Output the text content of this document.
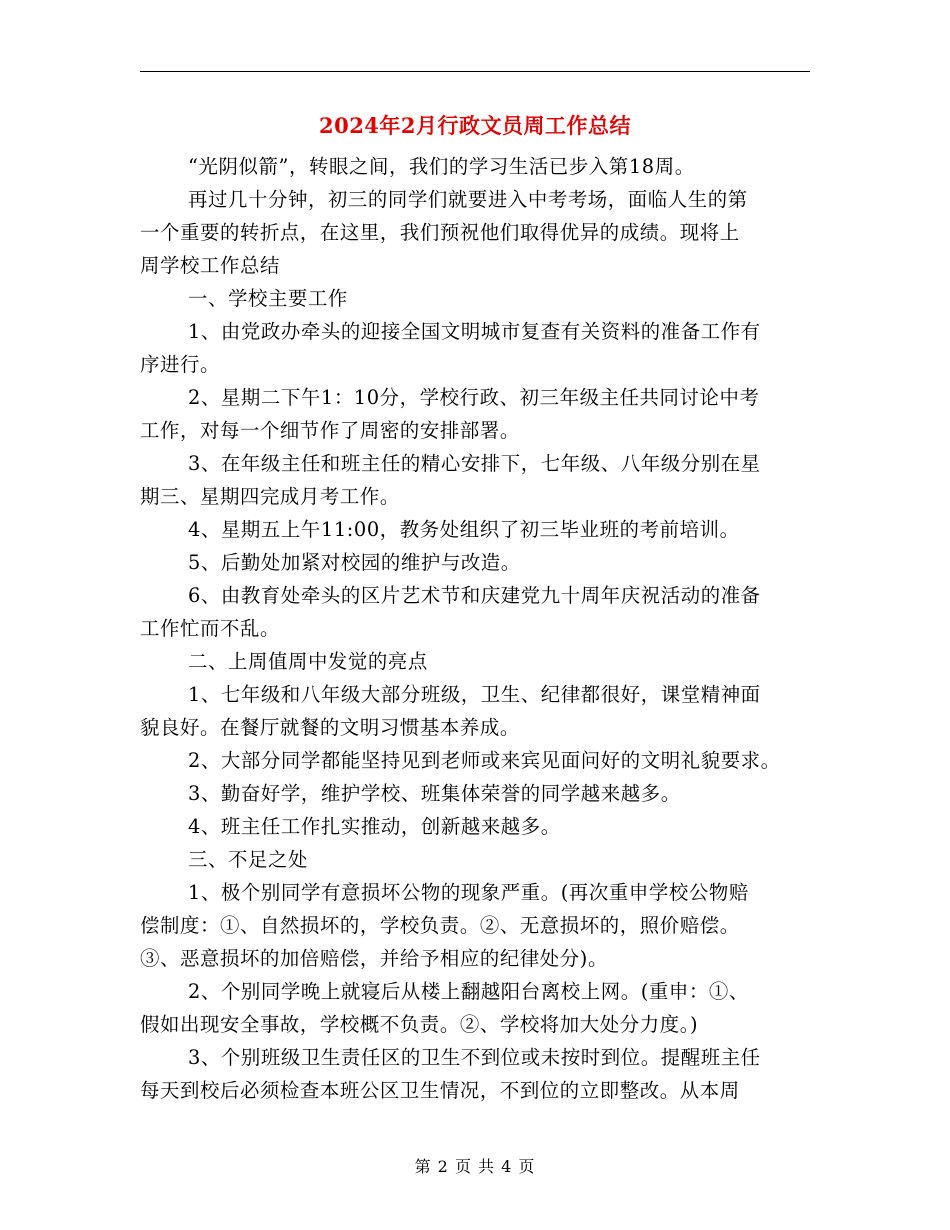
2024年2月行政文员周工作总结
“光阴似箭”，转眼之间，我们的学习生活已步入第18周。
再过几十分钟，初三的同学们就要进入中考考场，面临人生的第
一个重要的转折点，在这里，我们预祝他们取得优异的成绩。现将上
周学校工作总结
一、学校主要工作
1、由党政办牵头的迎接全国文明城市复查有关资料的准备工作有
序进行。
2、星期二下午1：10分，学校行政、初三年级主任共同讨论中考
工作，对每一个细节作了周密的安排部署。
3、在年级主任和班主任的精心安排下，七年级、八年级分别在星
期三、星期四完成月考工作。
4、星期五上午11:00，教务处组织了初三毕业班的考前培训。
5、后勤处加紧对校园的维护与改造。
6、由教育处牵头的区片艺术节和庆建党九十周年庆祝活动的准备
工作忙而不乱。
二、上周值周中发觉的亮点
1、七年级和八年级大部分班级，卫生、纪律都很好，课堂精神面
貌良好。在餐厅就餐的文明习惯基本养成。
2、大部分同学都能坚持见到老师或来宾见面问好的文明礼貌要求。
3、勤奋好学，维护学校、班集体荣誉的同学越来越多。
4、班主任工作扎实推动，创新越来越多。
三、不足之处
1、极个别同学有意损坏公物的现象严重。(再次重申学校公物赔
偿制度：①、自然损坏的，学校负责。②、无意损坏的，照价赔偿。
③、恶意损坏的加倍赔偿，并给予相应的纪律处分)。
2、个别同学晚上就寝后从楼上翻越阳台离校上网。(重申：①、
假如出现安全事故，学校概不负责。②、学校将加大处分力度。)
3、个别班级卫生责任区的卫生不到位或未按时到位。提醒班主任
每天到校后必须检查本班公区卫生情况，不到位的立即整改。从本周
第 2 页 共 4 页
